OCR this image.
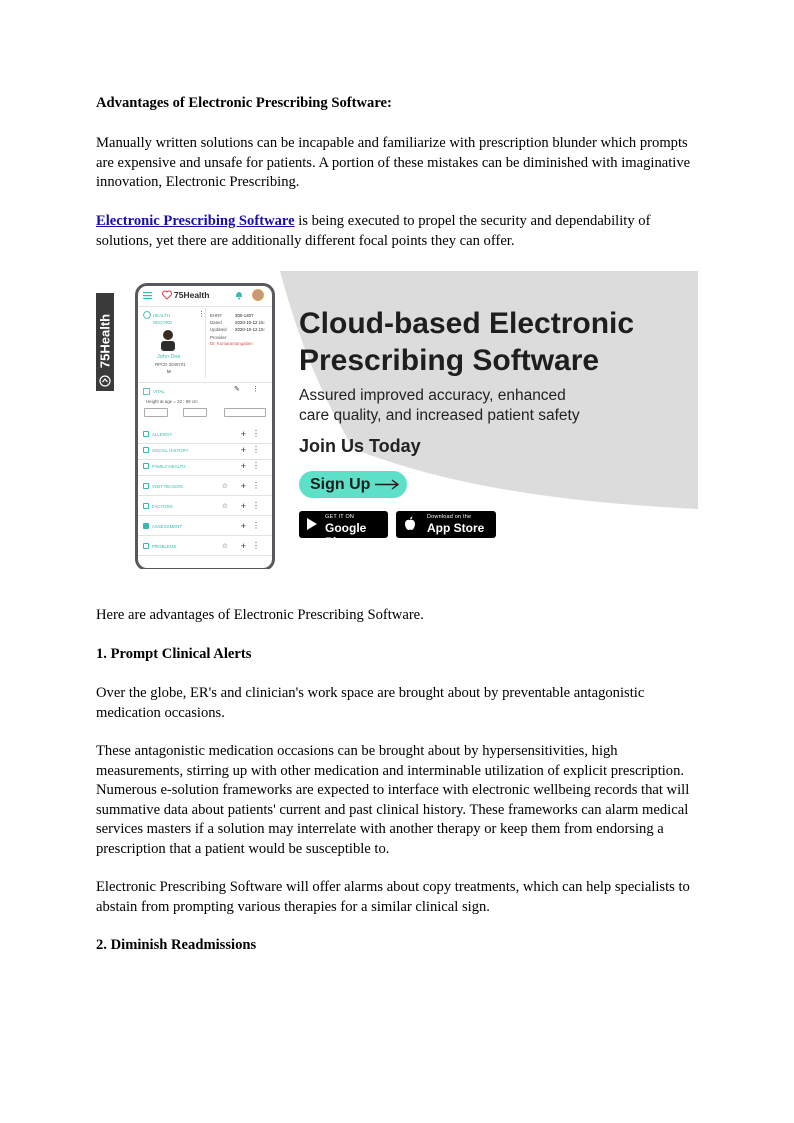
Advantages of Electronic Prescribing Software:

Manually written solutions can be incapable and familiarize with prescription blunder which prompts are expensive and unsafe for patients. A portion of these mistakes can be diminished with imaginative innovation, Electronic Prescribing.

Electronic Prescribing Software is being executed to propel the security and dependability of solutions, yet there are additionally different focal points they can offer.

75Health
75Health
HEALTH RECORD
⋮
John Doe
RPCD 3049701
M
EHR#	300-1407
Dated	2020-10-12 15:
Updated 2020-10-12 15:
Provider
Dr. Kumaramangalam
VITAL	✎ ⋮
Height at age = 22 : 99 cm
ALLERGY	+ ⋮
SOCIAL HISTORY	+ ⋮
FAMILY HEALTH	+ ⋮
VISIT REASON	☆ + ⋮
FACTORS	☆ + ⋮
ASSESSMENT	+ ⋮
PROBLEMS	☆ + ⋮
Cloud-based Electronic
Prescribing Software
Assured improved accuracy, enhanced
care quality, and increased patient safety
Join Us Today
Sign Up
GET IT ON
Google Play
Download on the
App Store

Here are advantages of Electronic Prescribing Software.

1. Prompt Clinical Alerts

Over the globe, ER's and clinician's work space are brought about by preventable antagonistic medication occasions.

These antagonistic medication occasions can be brought about by hypersensitivities, high measurements, stirring up with other medication and interminable utilization of explicit prescription. Numerous e-solution frameworks are expected to interface with electronic wellbeing records that will summative data about patients' current and past clinical history. These frameworks can alarm medical services masters if a solution may interrelate with another therapy or keep them from endorsing a prescription that a patient would be susceptible to.

Electronic Prescribing Software will offer alarms about copy treatments, which can help specialists to abstain from prompting various therapies for a similar clinical sign.

2. Diminish Readmissions
